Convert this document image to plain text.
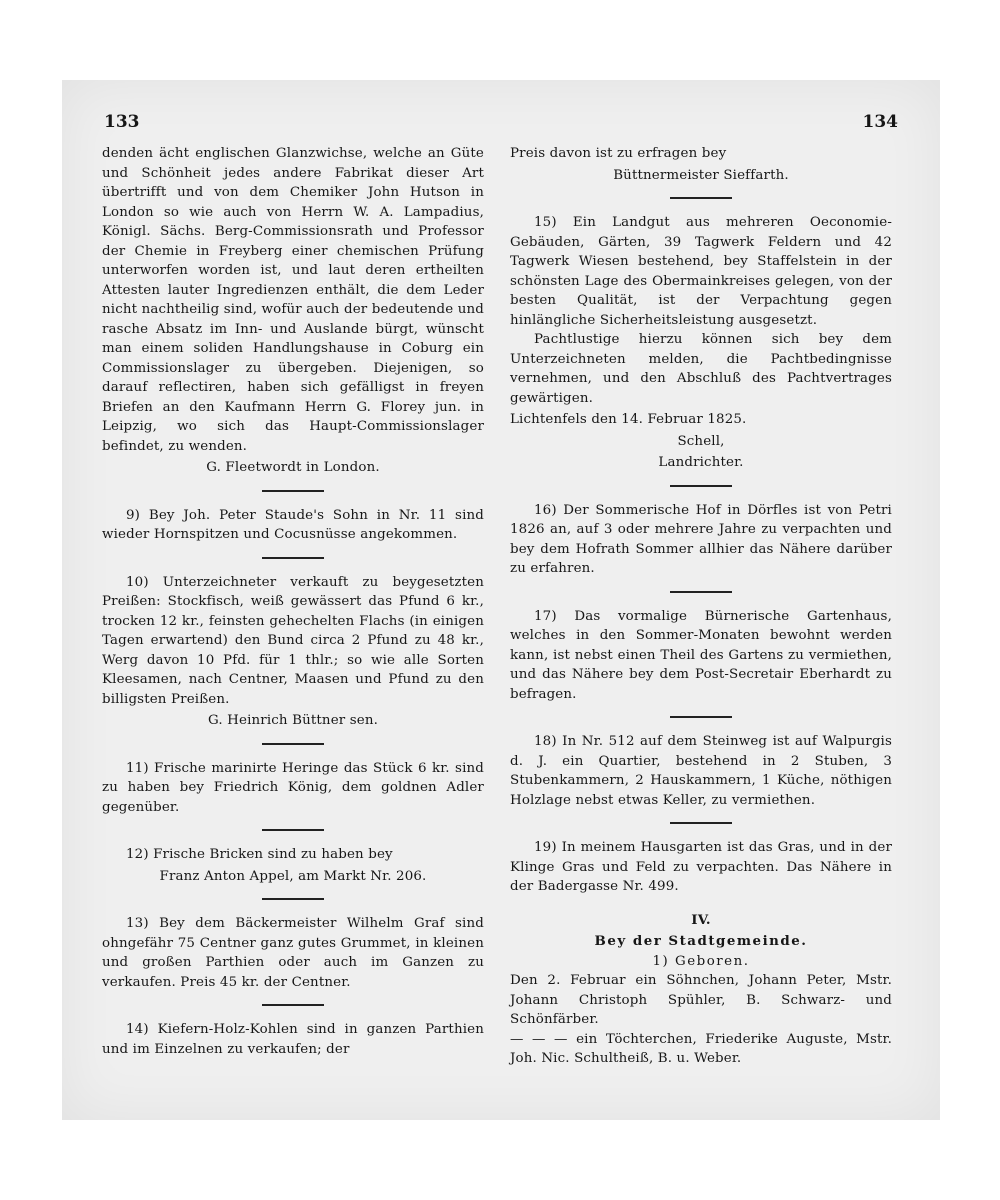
133	134

denden ächt englischen Glanzwichse, welche an Güte und Schönheit jedes andere Fabrikat dieser Art übertrifft und von dem Chemiker John Hutson in London so wie auch von Herrn W. A. Lampadius, Königl. Sächs. Berg-Commissionsrath und Professor der Chemie in Freyberg einer chemischen Prüfung unterworfen worden ist, und laut deren ertheilten Attesten lauter Ingredienzen enthält, die dem Leder nicht nachtheilig sind, wofür auch der bedeutende und rasche Absatz im Inn- und Auslande bürgt, wünscht man einem soliden Handlungshause in Coburg ein Commissionslager zu übergeben. Diejenigen, so darauf reflectiren, haben sich gefälligst in freyen Briefen an den Kaufmann Herrn G. Florey jun. in Leipzig, wo sich das Haupt-Commissionslager befindet, zu wenden.

G. Fleetwordt in London.

9) Bey Joh. Peter Staude's Sohn in Nr. 11 sind wieder Hornspitzen und Cocusnüsse angekommen.

10) Unterzeichneter verkauft zu beygesetzten Preißen: Stockfisch, weiß gewässert das Pfund 6 kr., trocken 12 kr., feinsten gehechelten Flachs (in einigen Tagen erwartend) den Bund circa 2 Pfund zu 48 kr., Werg davon 10 Pfd. für 1 thlr.; so wie alle Sorten Kleesamen, nach Centner, Maasen und Pfund zu den billigsten Preißen.

G. Heinrich Büttner sen.

11) Frische marinirte Heringe das Stück 6 kr. sind zu haben bey Friedrich König, dem goldnen Adler gegenüber.

12) Frische Bricken sind zu haben bey

Franz Anton Appel, am Markt Nr. 206.

13) Bey dem Bäckermeister Wilhelm Graf sind ohngefähr 75 Centner ganz gutes Grummet, in kleinen und großen Parthien oder auch im Ganzen zu verkaufen. Preis 45 kr. der Centner.

14) Kiefern-Holz-Kohlen sind in ganzen Parthien und im Einzelnen zu verkaufen; der

Preis davon ist zu erfragen bey

Büttnermeister Sieffarth.

15) Ein Landgut aus mehreren Oeconomie-Gebäuden, Gärten, 39 Tagwerk Feldern und 42 Tagwerk Wiesen bestehend, bey Staffelstein in der schönsten Lage des Obermainkreises gelegen, von der besten Qualität, ist der Verpachtung gegen hinlängliche Sicherheitsleistung ausgesetzt.

Pachtlustige hierzu können sich bey dem Unterzeichneten melden, die Pachtbedingnisse vernehmen, und den Abschluß des Pachtvertrages gewärtigen.

Lichtenfels den 14. Februar 1825.
Schell,
Landrichter.

16) Der Sommerische Hof in Dörfles ist von Petri 1826 an, auf 3 oder mehrere Jahre zu verpachten und bey dem Hofrath Sommer allhier das Nähere darüber zu erfahren.

17) Das vormalige Bürnerische Gartenhaus, welches in den Sommer-Monaten bewohnt werden kann, ist nebst einen Theil des Gartens zu vermiethen, und das Nähere bey dem Post-Secretair Eberhardt zu befragen.

18) In Nr. 512 auf dem Steinweg ist auf Walpurgis d. J. ein Quartier, bestehend in 2 Stuben, 3 Stubenkammern, 2 Hauskammern, 1 Küche, nöthigen Holzlage nebst etwas Keller, zu vermiethen.

19) In meinem Hausgarten ist das Gras, und in der Klinge Gras und Feld zu verpachten. Das Nähere in der Badergasse Nr. 499.

IV.
Bey der Stadtgemeinde.
1) Geboren.

Den 2. Februar ein Söhnchen, Johann Peter, Mstr. Johann Christoph Spühler, B. Schwarz- und Schönfärber.

— — — ein Töchterchen, Friederike Auguste, Mstr. Joh. Nic. Schultheiß, B. u. Weber.
